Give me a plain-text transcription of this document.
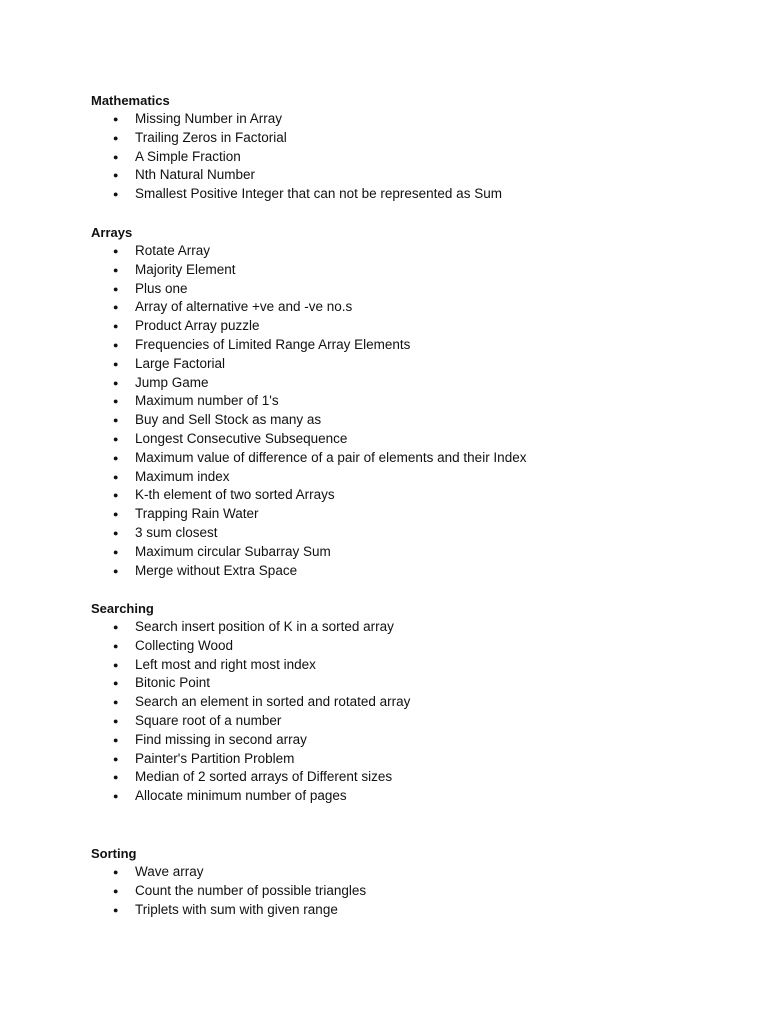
Mathematics
● Missing Number in Array
● Trailing Zeros in Factorial
● A Simple Fraction
● Nth Natural Number
● Smallest Positive Integer that can not be represented as Sum
Arrays
● Rotate Array
● Majority Element
● Plus one
● Array of alternative +ve and -ve no.s
● Product Array puzzle
● Frequencies of Limited Range Array Elements
● Large Factorial
● Jump Game
● Maximum number of 1's
● Buy and Sell Stock as many as
● Longest Consecutive Subsequence
● Maximum value of difference of a pair of elements and their Index
● Maximum index
● K-th element of two sorted Arrays
● Trapping Rain Water
● 3 sum closest
● Maximum circular Subarray Sum
● Merge without Extra Space
Searching
● Search insert position of K in a sorted array
● Collecting Wood
● Left most and right most index
● Bitonic Point
● Search an element in sorted and rotated array
● Square root of a number
● Find missing in second array
● Painter's Partition Problem
● Median of 2 sorted arrays of Different sizes
● Allocate minimum number of pages
Sorting
● Wave array
● Count the number of possible triangles
● Triplets with sum with given range
